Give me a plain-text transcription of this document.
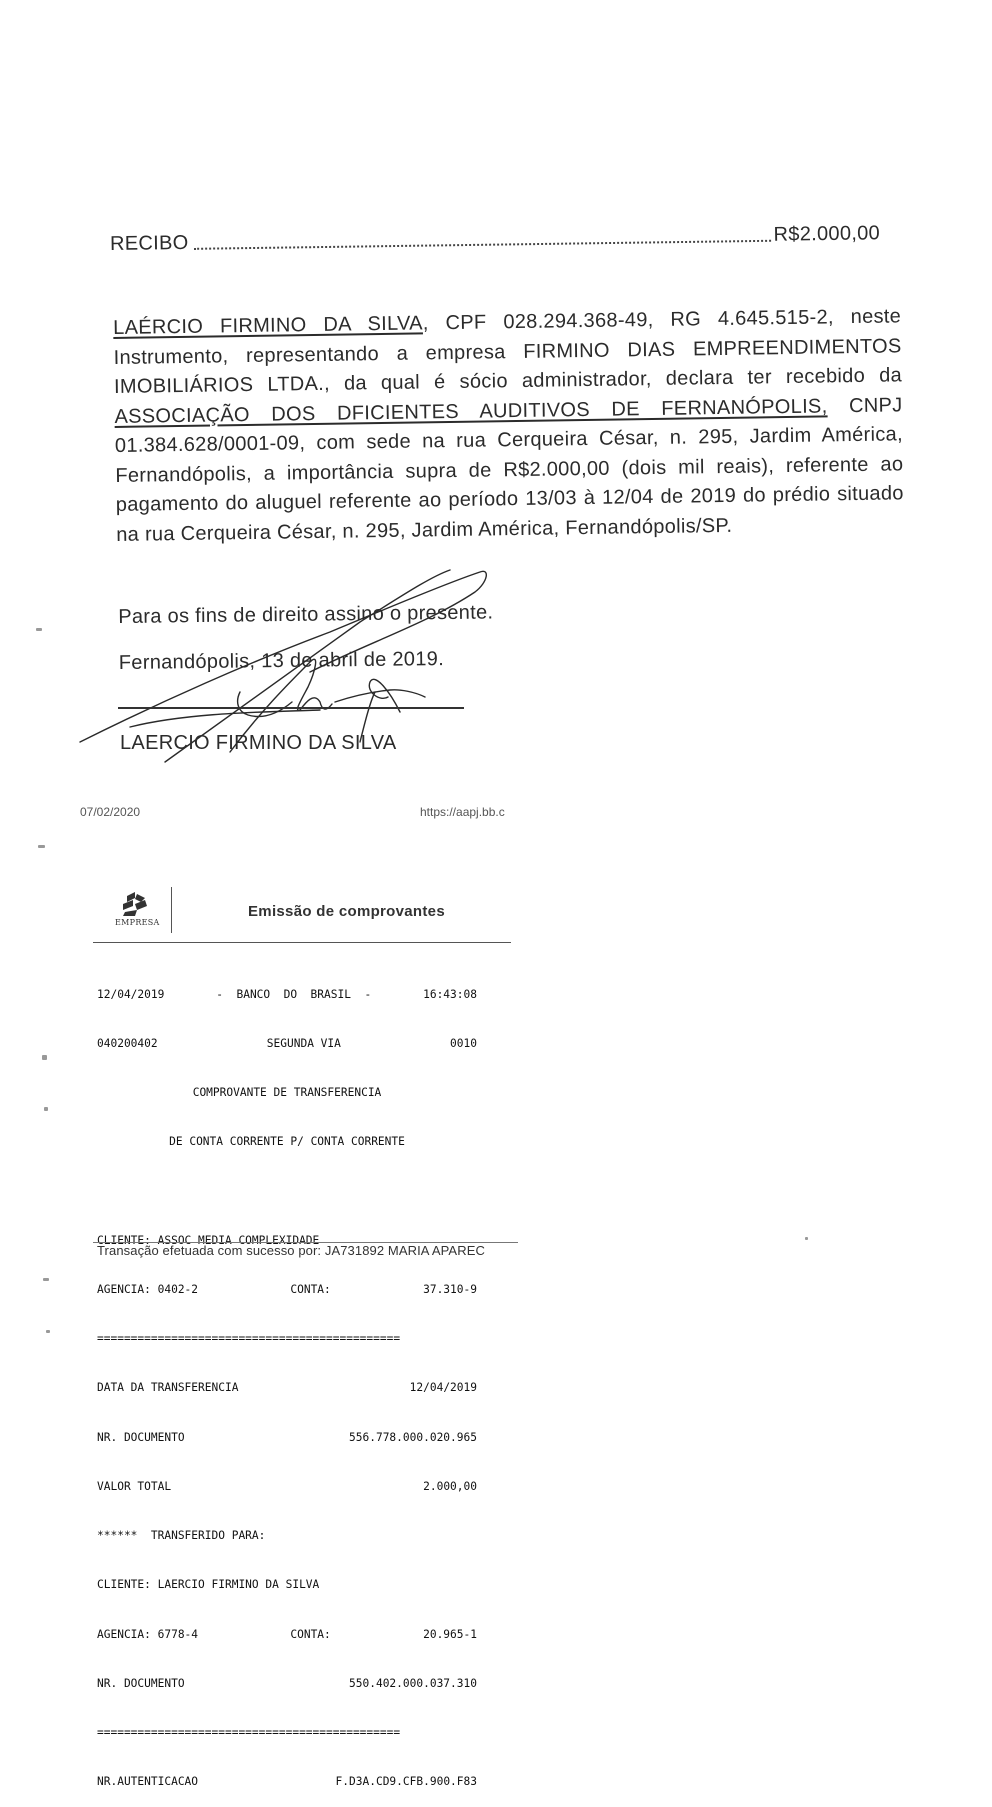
RECIBO	R$2.000,00

LAÉRCIO FIRMINO DA SILVA, CPF 028.294.368-49, RG 4.645.515-2, neste Instrumento, representando a empresa FIRMINO DIAS EMPREENDIMENTOS IMOBILIÁRIOS LTDA., da qual é sócio administrador, declara ter recebido da ASSOCIAÇÃO DOS DFICIENTES AUDITIVOS DE FERNANÓPOLIS, CNPJ 01.384.628/0001-09, com sede na rua Cerqueira César, n. 295, Jardim América, Fernandópolis, a importância supra de R$2.000,00 (dois mil reais), referente ao pagamento do aluguel referente ao período 13/03 à 12/04 de 2019 do prédio situado na rua Cerqueira César, n. 295, Jardim América, Fernandópolis/SP.

Para os fins de direito assino o presente.

Fernandópolis, 13 de abril de 2019.

LAERCIO FIRMINO DA SILVA
07/02/2020	https://aapj.bb.c
EMPRESA
Emissão de comprovantes

12/04/2019	-  BANCO  DO  BRASIL  -	16:43:08

040200402	SEGUNDA VIA	0010

COMPROVANTE DE TRANSFERENCIA

DE CONTA CORRENTE P/ CONTA CORRENTE

CLIENTE: ASSOC MEDIA COMPLEXIDADE

AGENCIA: 0402-2	CONTA:	37.310-9

=============================================

DATA DA TRANSFERENCIA	12/04/2019

NR. DOCUMENTO	556.778.000.020.965

VALOR TOTAL	2.000,00

******  TRANSFERIDO PARA:

CLIENTE: LAERCIO FIRMINO DA SILVA

AGENCIA: 6778-4	CONTA:	20.965-1

NR. DOCUMENTO	550.402.000.037.310

=============================================

NR.AUTENTICACAO	F.D3A.CD9.CFB.900.F83

Transação efetuada com sucesso por: JA731892 MARIA APAREC
